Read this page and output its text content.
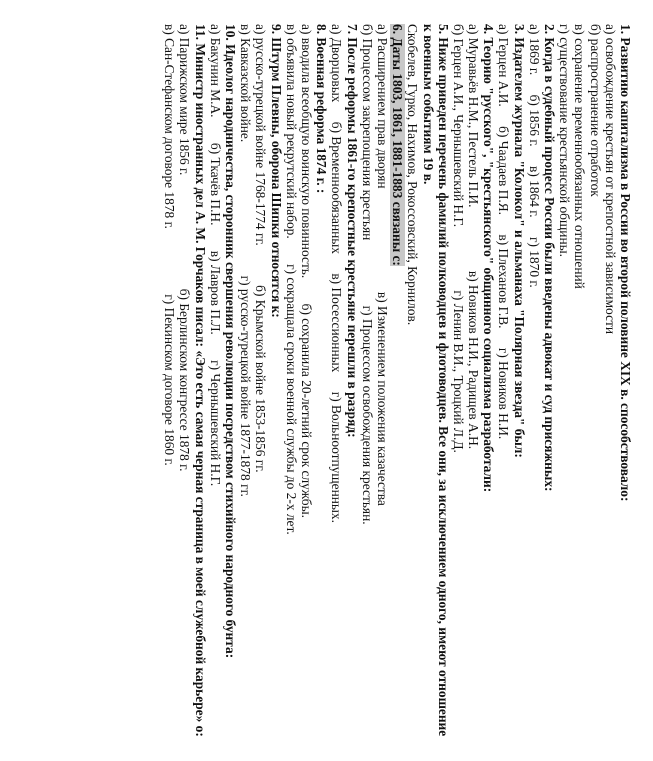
1. Развитию капитализма в России во второй половине XIX в. способствовало:
а) освобождение крестьян от крепостной зависимости
б) распространение отработок
в) сохранение временнообязанных отношений
г) существование крестьянской общины.
2. Когда в судебный процесс России были введены адвокат и суд присяжных:
а) 1869 г. б) 1856 г. в) 1864 г. г) 1870 г.
3. Издателем журнала "Колокол" и альманаха "Полярная звезда" был:
а) Герцен А.И. б) Чаадаев П.Я. в) Плеханов Г.В. г) Новиков Н.И.
4. Теорию "русского", "крестьянского" общинного социализма разработали:
а) Муравьёв Н.М., Пестель П.И. в) Новиков Н.И., Радищев А.Н.
б) Герцен А.И., Чернышевский Н.Г. г) Ленин В.И., Троцкий Л.Д.
5. Ниже приведен перечень фамилий полководцев и флотоводцев. Все они, за исключением одного, имеют отношение к военным событиям 19 в.
Скобелев, Гурко, Нахимов, Рокоссовский, Корнилов.
6. Даты 1803, 1861, 1881-1883 связаны с:
а) Расширением прав дворян в) Изменением положения казачества
б) Процессом закрепощения крестьян г) Процессом освобождения крестьян.
7. После реформы 1861-го крепостные крестьяне перешли в разряд:
а) Дворцовых б) Временнообязанных в) Посессионных г) Вольноотпущенных.
8. Военная реформа 1874 г. :
а) вводила всеобщую воинскую повинность. б) сохранила 20-летний срок службы.
в) объявила новый рекрутский набор. г) сокращала сроки военной службы до 2-х лет.
9. Штурм Плевны, оборона Шипки относятся к:
а) русско-турецкой войне 1768-1774 гг. б) Крымской войне 1853-1856 гг.
в) Кавказской войне. г) русско-турецкой войне 1877-1878 гг.
10. Идеолог народничества, сторонник свершения революции посредством стихийного народного бунта:
а) Бакунин М.А. б) Ткачёв П.Н. в) Лавров П.Л. г) Чернышевский Н.Г.
11. Министр иностранных дел А. М. Горчаков писал: «Это есть самая черная страница в моей служебной карьере» о:
а) Парижском мире 1856 г. б) Берлинском конгрессе 1878 г.
в) Сан-Стефанском договоре 1878 г. г) Пекинском договоре 1860 г.
